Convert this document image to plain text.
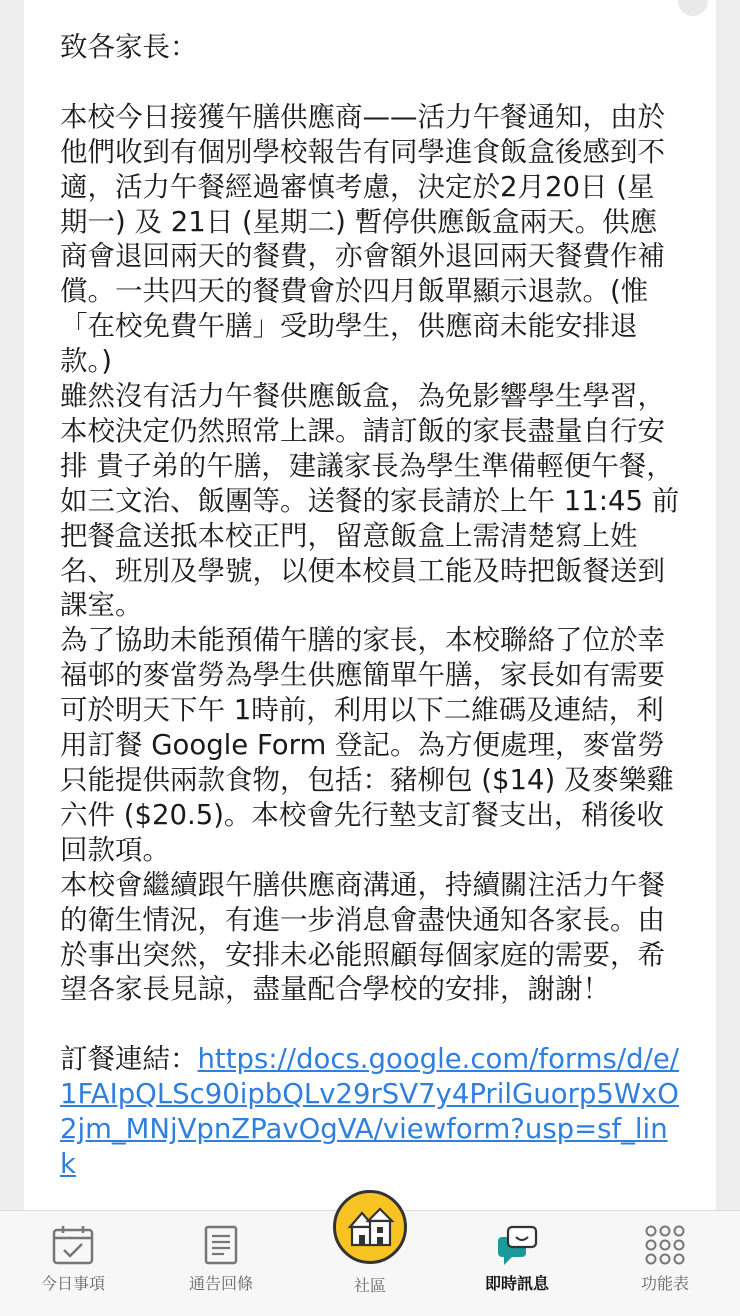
致各家長：

本校今日接獲午膳供應商——活力午餐通知，由於他們收到有個別學校報告有同學進食飯盒後感到不適，活力午餐經過審慎考慮，決定於2月20日 (星期一) 及 21日 (星期二) 暫停供應飯盒兩天。供應商會退回兩天的餐費，亦會額外退回兩天餐費作補償。一共四天的餐費會於四月飯單顯示退款。(惟「在校免費午膳」受助學生，供應商未能安排退款。)

雖然沒有活力午餐供應飯盒，為免影響學生學習，本校決定仍然照常上課。請訂飯的家長盡量自行安排 貴子弟的午膳，建議家長為學生準備輕便午餐，如三文治、飯團等。送餐的家長請於上午 11:45 前把餐盒送抵本校正門，留意飯盒上需清楚寫上姓名、班別及學號，以便本校員工能及時把飯餐送到課室。

為了協助未能預備午膳的家長，本校聯絡了位於幸福邨的麥當勞為學生供應簡單午膳，家長如有需要可於明天下午 1時前，利用以下二維碼及連結，利用訂餐 Google Form 登記。為方便處理，麥當勞只能提供兩款食物，包括：豬柳包 ($14) 及麥樂雞六件 ($20.5)。本校會先行墊支訂餐支出，稍後收回款項。

本校會繼續跟午膳供應商溝通，持續關注活力午餐的衛生情況，有進一步消息會盡快通知各家長。由於事出突然，安排未必能照顧每個家庭的需要，希望各家長見諒，盡量配合學校的安排，謝謝！

訂餐連結：https://docs.google.com/forms/d/e/1FAIpQLSc90ipbQLv29rSV7y4PrilGuorp5WxO2jm_MNjVpnZPavOgVA/viewform?usp=sf_link

今日事項	通告回條	社區	即時訊息	功能表
